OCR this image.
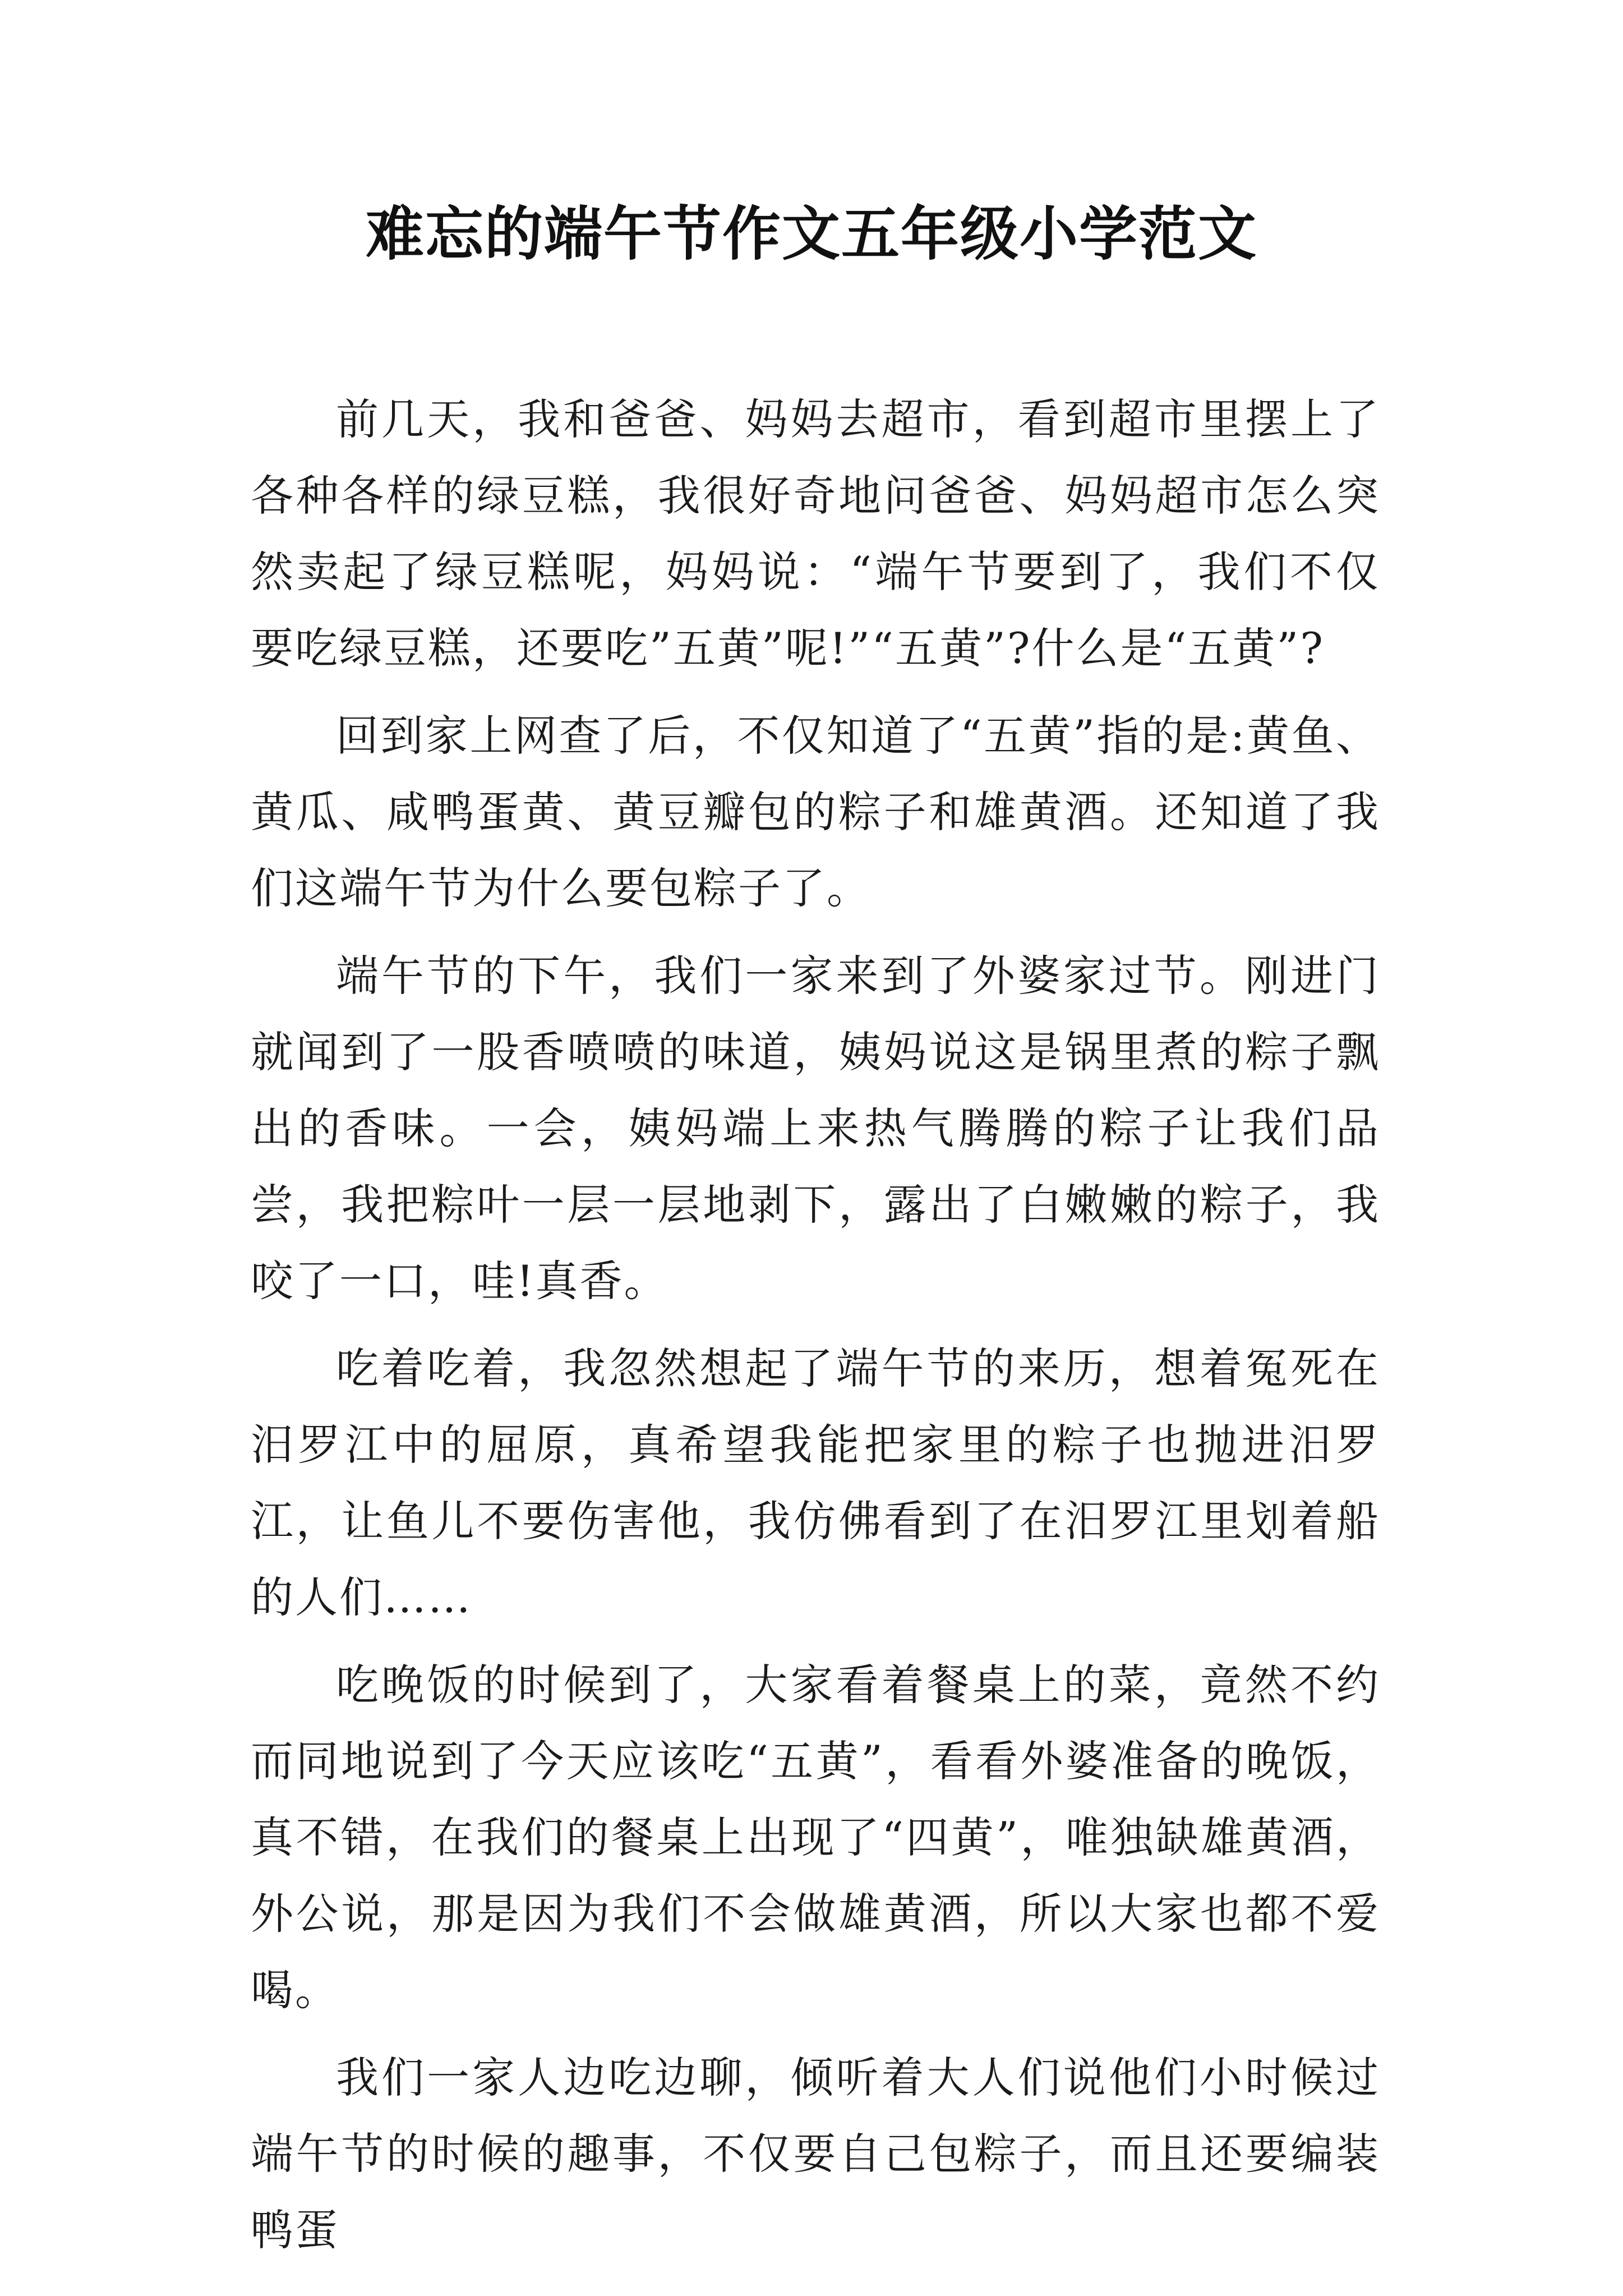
难忘的端午节作文五年级小学范文

前几天，我和爸爸、妈妈去超市，看到超市里摆上了各种各样的绿豆糕，我很好奇地问爸爸、妈妈超市怎么突然卖起了绿豆糕呢，妈妈说：“端午节要到了，我们不仅要吃绿豆糕，还要吃”五黄”呢!”“五黄”?什么是“五黄”?

回到家上网查了后，不仅知道了“五黄”指的是:黄鱼、黄瓜、咸鸭蛋黄、黄豆瓣包的粽子和雄黄酒。还知道了我们这端午节为什么要包粽子了。

端午节的下午，我们一家来到了外婆家过节。刚进门就闻到了一股香喷喷的味道，姨妈说这是锅里煮的粽子飘出的香味。一会，姨妈端上来热气腾腾的粽子让我们品尝，我把粽叶一层一层地剥下，露出了白嫩嫩的粽子，我咬了一口，哇!真香。

吃着吃着，我忽然想起了端午节的来历，想着冤死在汨罗江中的屈原，真希望我能把家里的粽子也抛进汨罗江，让鱼儿不要伤害他，我仿佛看到了在汨罗江里划着船的人们……

吃晚饭的时候到了，大家看着餐桌上的菜，竟然不约而同地说到了今天应该吃“五黄”，看看外婆准备的晚饭，真不错，在我们的餐桌上出现了“四黄”，唯独缺雄黄酒，外公说，那是因为我们不会做雄黄酒，所以大家也都不爱喝。

我们一家人边吃边聊，倾听着大人们说他们小时候过端午节的时候的趣事，不仅要自己包粽子，而且还要编装鸭蛋
